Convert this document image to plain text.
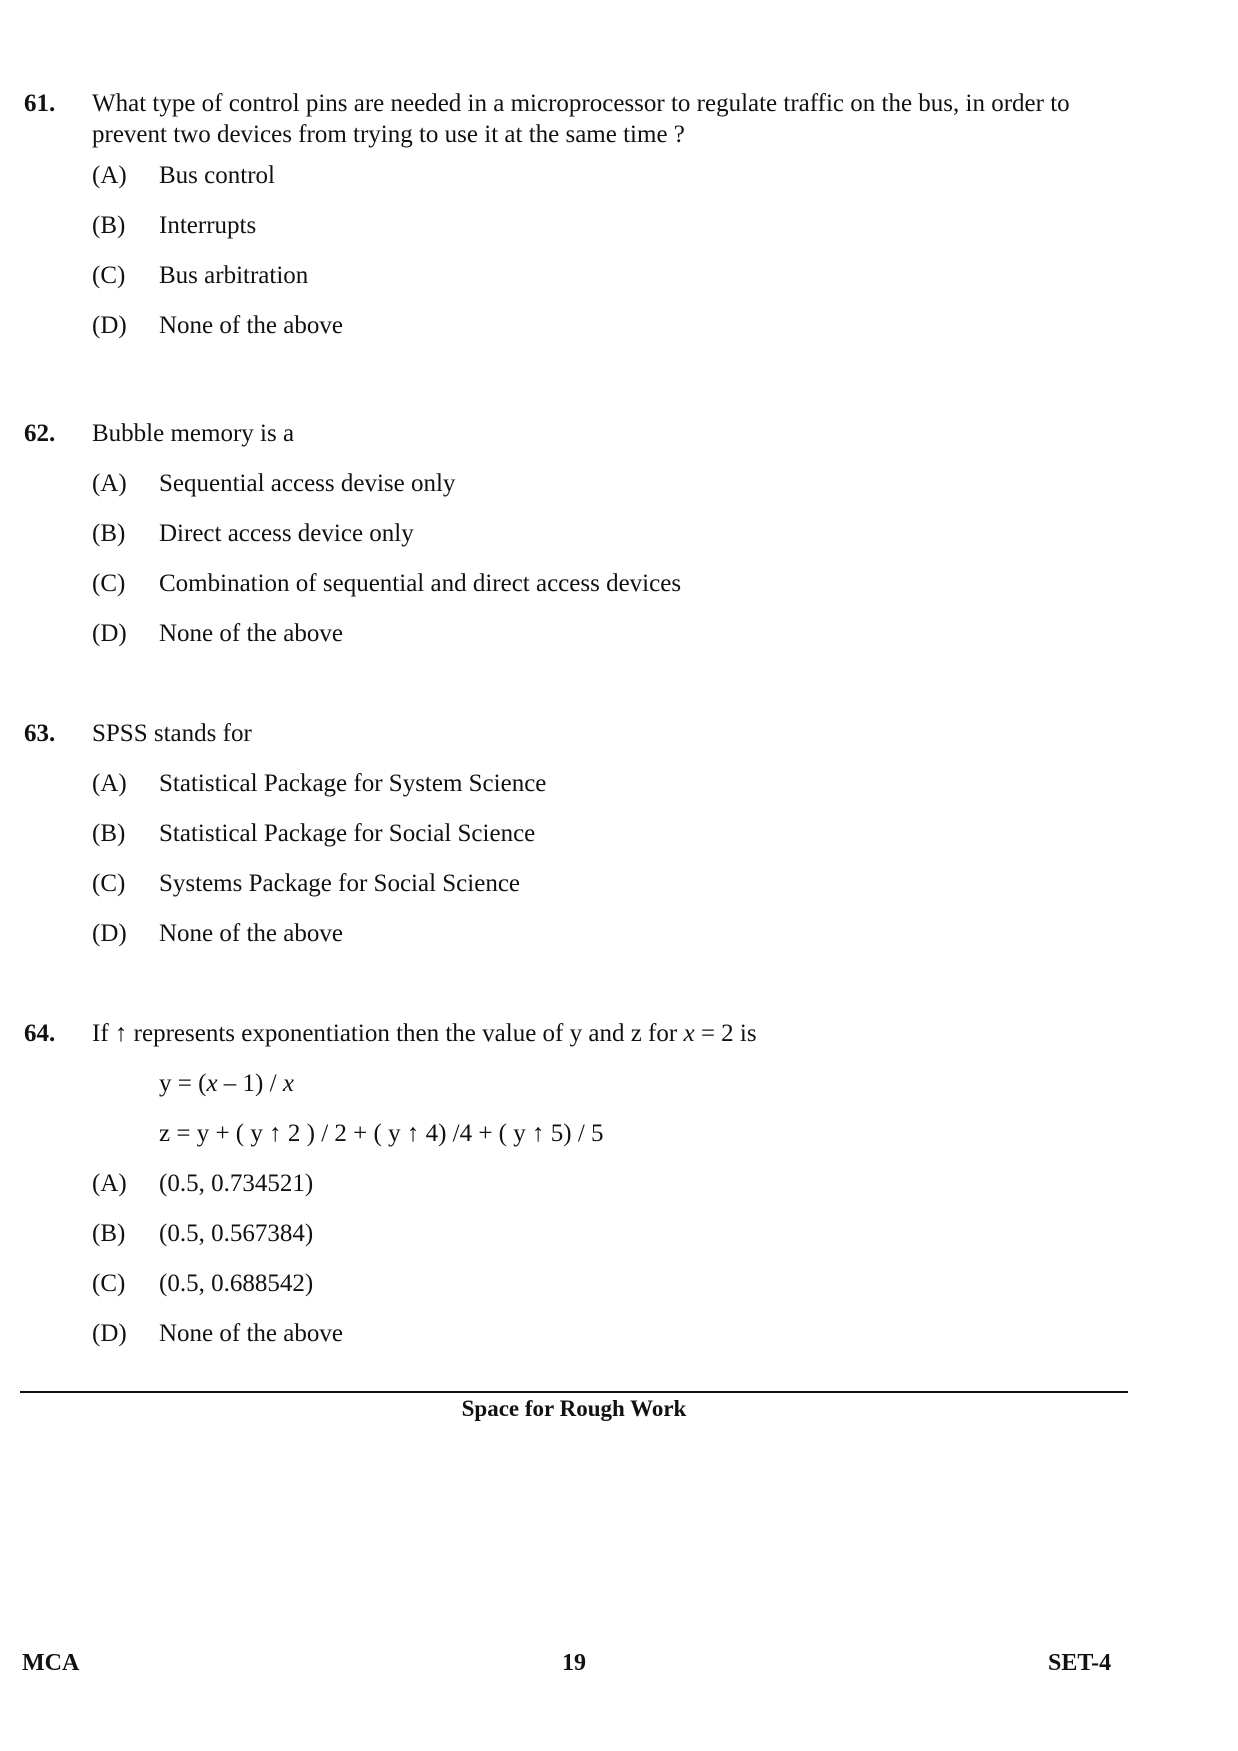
61. What type of control pins are needed in a microprocessor to regulate traffic on the bus, in order to prevent two devices from trying to use it at the same time ?
(A)	Bus control
(B)	Interrupts
(C)	Bus arbitration
(D)	None of the above
62. Bubble memory is a
(A)	Sequential access devise only
(B)	Direct access device only
(C)	Combination of sequential and direct access devices
(D)	None of the above
63. SPSS stands for
(A)	Statistical Package for System Science
(B)	Statistical Package for Social Science
(C)	Systems Package for Social Science
(D)	None of the above
64. If ↑ represents exponentiation then the value of y and z for x = 2 is
y = (x – 1) / x
z = y + ( y ↑ 2 ) / 2 + ( y ↑ 4) /4 + ( y ↑ 5) / 5
(A)	(0.5, 0.734521)
(B)	(0.5, 0.567384)
(C)	(0.5, 0.688542)
(D)	None of the above
Space for Rough Work
MCA	19	SET-4
